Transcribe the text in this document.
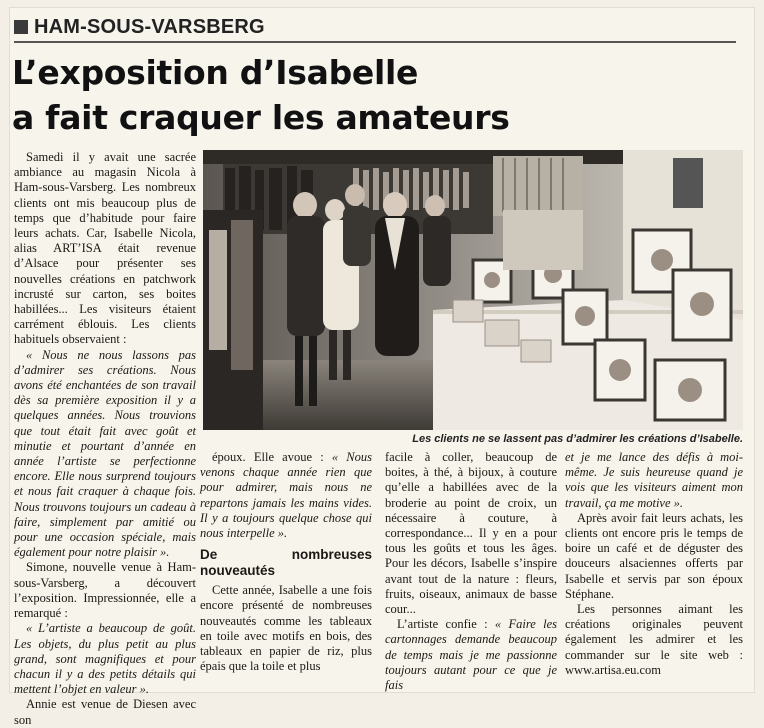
HAM-SOUS-VARSBERG
L’exposition d’Isabelle
a fait craquer les amateurs

Samedi il y avait une sacrée ambiance au magasin Nicola à Ham-sous-Varsberg. Les nombreux clients ont mis beaucoup plus de temps que d’habitude pour faire leurs achats. Car, Isabelle Nicola, alias ART’ISA était revenue d’Alsace pour présenter ses nouvelles créations en patchwork incrusté sur carton, ses boites habillées... Les visiteurs étaient carrément éblouis. Les clients habituels observaient :

« Nous ne nous lassons pas d’admirer ses créations. Nous avons été enchantées de son travail dès sa première exposition il y a quelques années. Nous trouvions que tout était fait avec goût et minutie et pourtant d’année en année l’artiste se perfectionne encore. Elle nous surprend toujours et nous fait craquer à chaque fois. Nous trouvons toujours un cadeau à faire, simplement par amitié ou pour une occasion spéciale, mais également pour notre plaisir ».

Simone, nouvelle venue à Ham-sous-Varsberg, a découvert l’exposition. Impressionnée, elle a remarqué :

« L’artiste a beaucoup de goût. Les objets, du plus petit au plus grand, sont magnifiques et pour chacun il y a des petits détails qui mettent l’objet en valeur ».

Annie est venue de Diesen avec son

Les clients ne se lassent pas d’admirer les créations d’Isabelle.

époux. Elle avoue : « Nous venons chaque année rien que pour admirer, mais nous ne repartons jamais les mains vides. Il y a toujours quelque chose qui nous interpelle ».

De nombreuses nouveautés

Cette année, Isabelle a une fois encore présenté de nombreuses nouveautés comme les tableaux en toile avec motifs en bois, des tableaux en papier de riz, plus épais que la toile et plus

facile à coller, beaucoup de boites, à thé, à bijoux, à couture qu’elle a habillées avec de la broderie au point de croix, un nécessaire à couture, à correspondance... Il y en a pour tous les goûts et tous les âges. Pour les décors, Isabelle s’inspire avant tout de la nature : fleurs, fruits, oiseaux, animaux de basse cour...

L’artiste confie : « Faire les cartonnages demande beaucoup de temps mais je me passionne toujours autant pour ce que je fais

et je me lance des défis à moi-même. Je suis heureuse quand je vois que les visiteurs aiment mon travail, ça me motive ».

Après avoir fait leurs achats, les clients ont encore pris le temps de boire un café et de déguster des douceurs alsaciennes offerts par Isabelle et servis par son époux Stéphane.

Les personnes aimant les créations originales peuvent également les admirer et les commander sur le site web : www.artisa.eu.com
